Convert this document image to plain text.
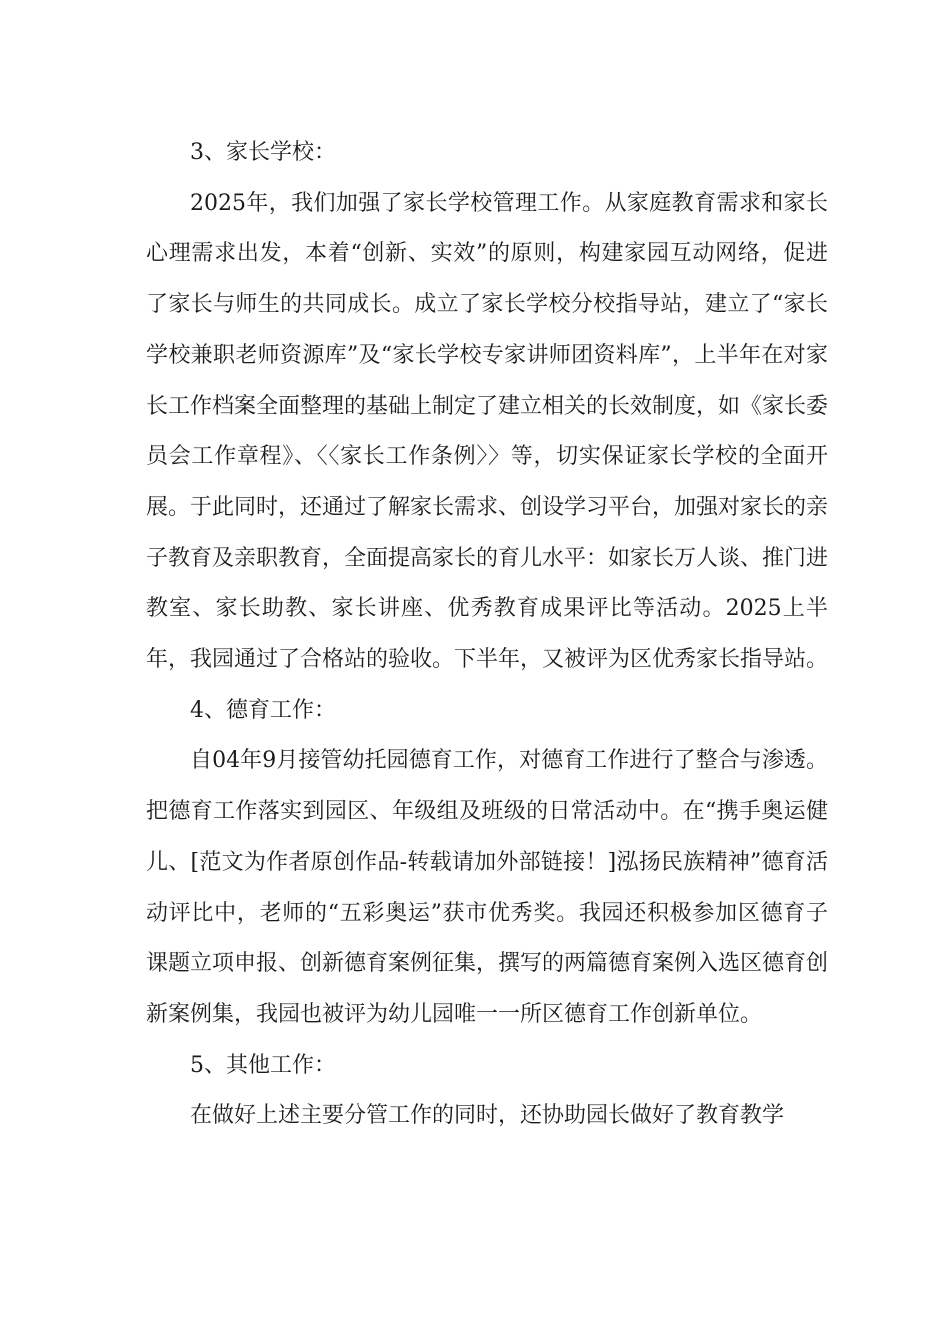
3、家长学校：

2025年，我们加强了家长学校管理工作。从家庭教育需求和家长心理需求出发，本着“创新、实效”的原则，构建家园互动网络，促进了家长与师生的共同成长。成立了家长学校分校指导站，建立了“家长学校兼职老师资源库”及“家长学校专家讲师团资料库”，上半年在对家长工作档案全面整理的基础上制定了建立相关的长效制度，如《家长委员会工作章程》、〈〈家长工作条例〉〉等，切实保证家长学校的全面开展。于此同时，还通过了解家长需求、创设学习平台，加强对家长的亲子教育及亲职教育，全面提高家长的育儿水平：如家长万人谈、推门进教室、家长助教、家长讲座、优秀教育成果评比等活动。2025上半年，我园通过了合格站的验收。下半年，又被评为区优秀家长指导站。

4、德育工作：

自04年9月接管幼托园德育工作，对德育工作进行了整合与渗透。把德育工作落实到园区、年级组及班级的日常活动中。在“携手奥运健儿、[范文为作者原创作品-转载请加外部链接！]泓扬民族精神”德育活动评比中，老师的“五彩奥运”获市优秀奖。我园还积极参加区德育子课题立项申报、创新德育案例征集，撰写的两篇德育案例入选区德育创新案例集，我园也被评为幼儿园唯一一所区德育工作创新单位。

5、其他工作：

在做好上述主要分管工作的同时，还协助园长做好了教育教学
